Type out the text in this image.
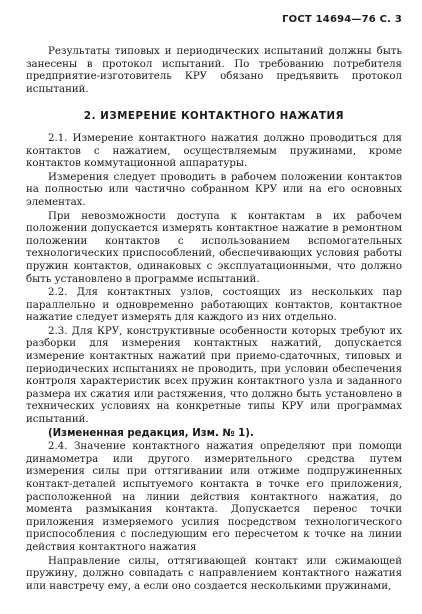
ГОСТ 14694—76 С. 3

Результаты типовых и периодических испытаний должны быть занесены в протокол испытаний. По требованию потребителя предприятие-изготовитель КРУ обязано предъявить протокол испытаний.

2. ИЗМЕРЕНИЕ КОНТАКТНОГО НАЖАТИЯ

2.1. Измерение контактного нажатия должно проводиться для контактов с нажатием, осуществляемым пружинами, кроме контактов коммутационной аппаратуры.

Измерения следует проводить в рабочем положении контактов на полностью или частично собранном КРУ или на его основных элементах.

При невозможности доступа к контактам в их рабочем положении допускается измерять контактное нажатие в ремонтном положении контактов с использованием вспомогательных технологических приспособлений, обеспечивающих условия работы пружин контактов, одинаковых с эксплуатационными, что должно быть установлено в программе испытаний.

2.2. Для контактных узлов, состоящих из нескольких пар параллельно и одновременно работающих контактов, контактное нажатие следует измерять для каждого из них отдельно.

2.3. Для КРУ, конструктивные особенности которых требуют их разборки для измерения контактных нажатий, допускается измерение контактных нажатий при приемо-сдаточных, типовых и периодических испытаниях не проводить, при условии обеспечения контроля характеристик всех пружин контактного узла и заданного размера их сжатия или растяжения, что должно быть установлено в технических условиях на конкретные типы КРУ или программах испытаний.

(Измененная редакция, Изм. № 1).

2.4. Значение контактного нажатия определяют при помощи динамометра или другого измерительного средства путем измерения силы при оттягивании или отжиме подпружиненных контакт-деталей испытуемого контакта в точке его приложения, расположенной на линии действия контактного нажатия, до момента размыкания контакта. Допускается перенос точки приложения измеряемого усилия посредством технологического приспособления с последующим его пересчетом к точке на линии действия контактного нажатия

Направление силы, оттягивающей контакт или сжимающей пружину, должно совпадать с направлением контактного нажатия или навстречу ему, а если оно создается несколькими пружинами,
